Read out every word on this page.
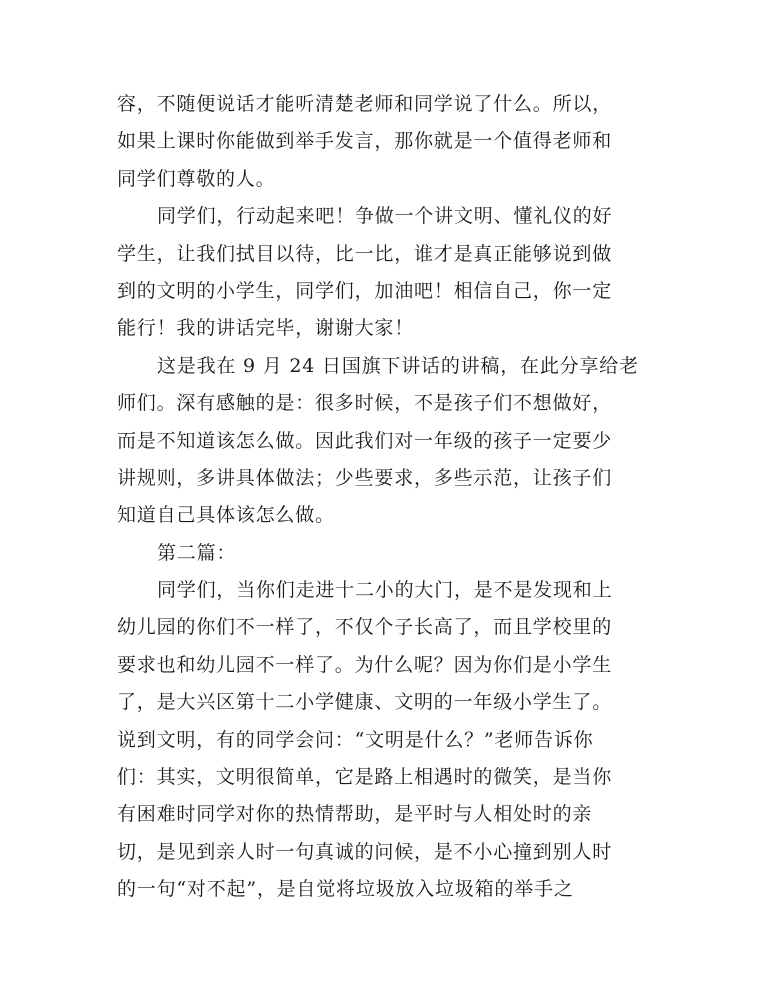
容，不随便说话才能听清楚老师和同学说了什么。所以，
如果上课时你能做到举手发言，那你就是一个值得老师和
同学们尊敬的人。
同学们，行动起来吧！争做一个讲文明、懂礼仪的好
学生，让我们拭目以待，比一比，谁才是真正能够说到做
到的文明的小学生，同学们，加油吧！相信自己，你一定
能行！我的讲话完毕，谢谢大家！
这是我在 9 月 24 日国旗下讲话的讲稿，在此分享给老
师们。深有感触的是：很多时候，不是孩子们不想做好，
而是不知道该怎么做。因此我们对一年级的孩子一定要少
讲规则，多讲具体做法；少些要求，多些示范，让孩子们
知道自己具体该怎么做。
第二篇：
同学们，当你们走进十二小的大门，是不是发现和上
幼儿园的你们不一样了，不仅个子长高了，而且学校里的
要求也和幼儿园不一样了。为什么呢？因为你们是小学生
了，是大兴区第十二小学健康、文明的一年级小学生了。
说到文明，有的同学会问：“文明是什么？”老师告诉你
们：其实，文明很简单，它是路上相遇时的微笑，是当你
有困难时同学对你的热情帮助，是平时与人相处时的亲
切，是见到亲人时一句真诚的问候，是不小心撞到别人时
的一句“对不起”，是自觉将垃圾放入垃圾箱的举手之
